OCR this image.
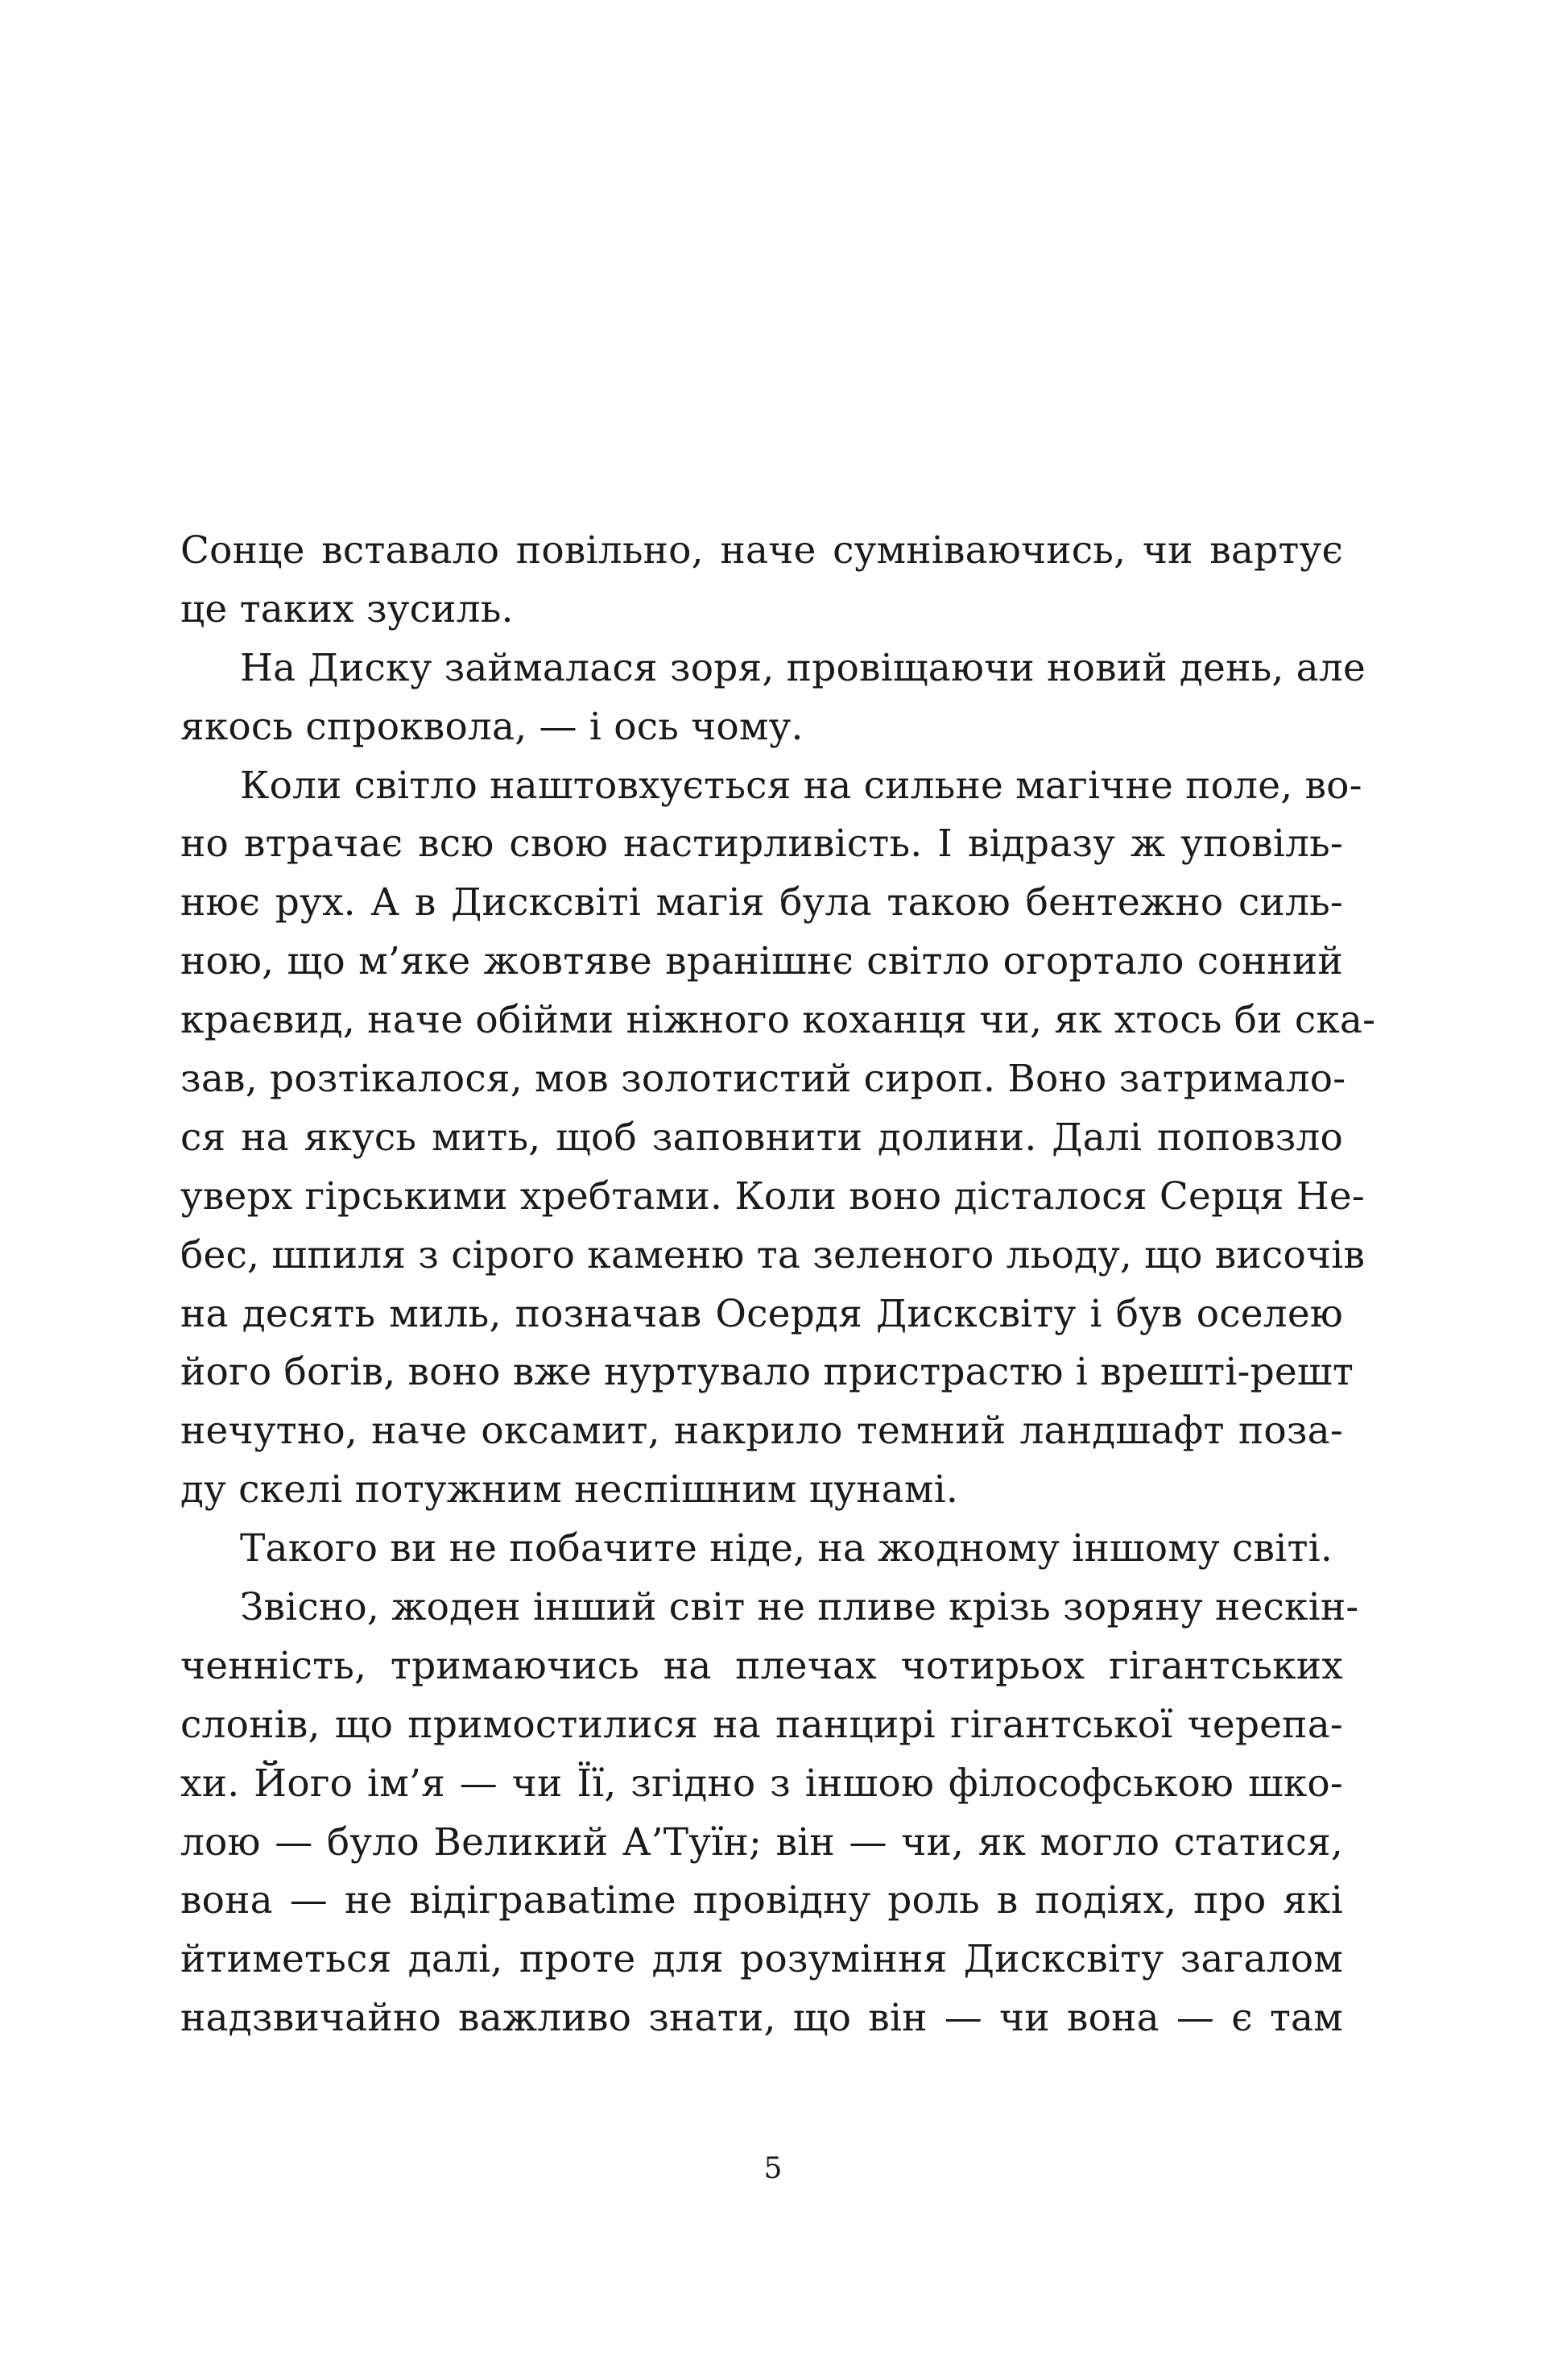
Сонце вставало повільно, наче сумніваючись, чи вартує
це таких зусиль.
На Диску займалася зоря, провіщаючи новий день, але
якось спроквола, — і ось чому.
Коли світло наштовхується на сильне магічне поле, во-
но втрачає всю свою настирливість. І відразу ж уповіль-
нює рух. А в Дисксвіті магія була такою бентежно силь-
ною, що м’яке жовтяве вранішнє світло огортало сонний
краєвид, наче обійми ніжного коханця чи, як хтось би ска-
зав, розтікалося, мов золотистий сироп. Воно затримало-
ся на якусь мить, щоб заповнити долини. Далі поповзло
уверх гірськими хребтами. Коли воно дісталося Серця Не-
бес, шпиля з сірого каменю та зеленого льоду, що височів
на десять миль, позначав Осердя Дисксвіту і був оселею
його богів, воно вже нуртувало пристрастю і врешті-решт
нечутно, наче оксамит, накрило темний ландшафт поза-
ду скелі потужним неспішним цунамі.
Такого ви не побачите ніде, на жодному іншому світі.
Звісно, жоден інший світ не пливе крізь зоряну нескін-
ченність, тримаючись на плечах чотирьох гігантських
слонів, що примостилися на панцирі гігантської черепа-
хи. Його ім’я — чи Її, згідно з іншою філософською шко-
лою — було Великий А’Туїн; він — чи, як могло статися,
вона — не відігравatime провідну роль в подіях, про які
йтиметься далі, проте для розуміння Дисксвіту загалом
надзвичайно важливо знати, що він — чи вона — є там
5
